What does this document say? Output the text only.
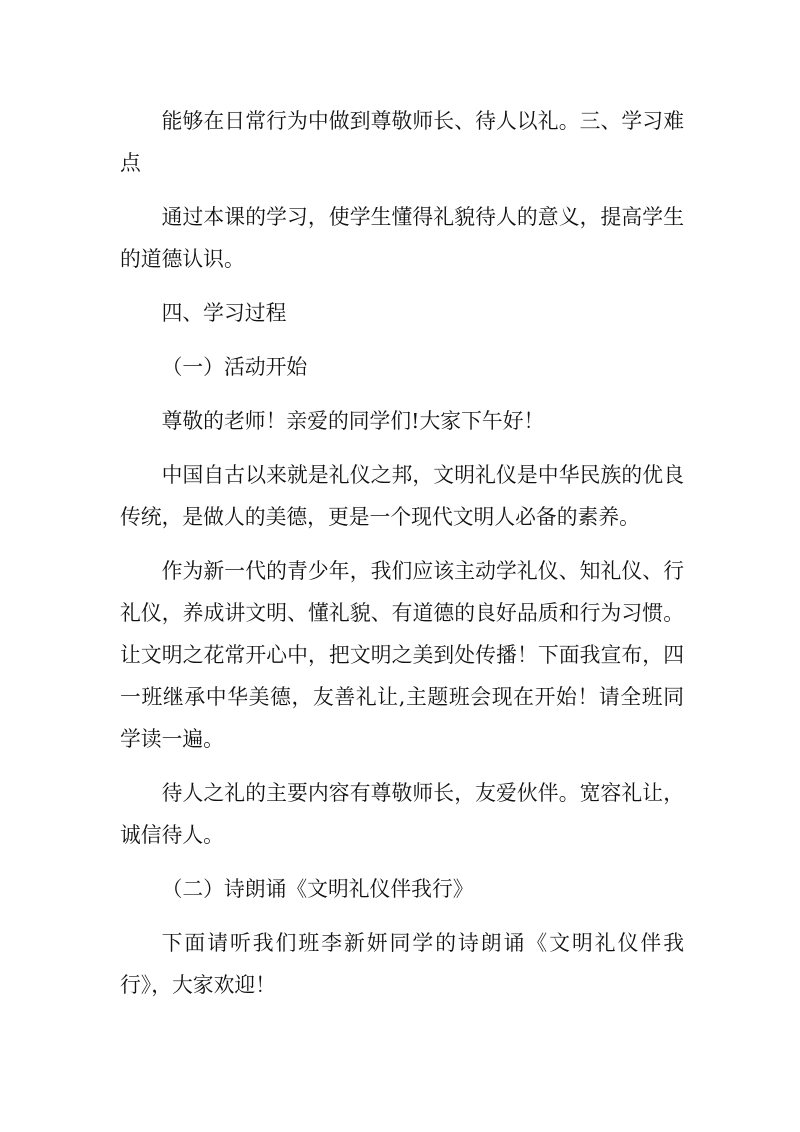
能够在日常行为中做到尊敬师长、待人以礼。三、学习难点

通过本课的学习，使学生懂得礼貌待人的意义，提高学生的道德认识。

四、学习过程

（一）活动开始

尊敬的老师！亲爱的同学们!大家下午好！

中国自古以来就是礼仪之邦，文明礼仪是中华民族的优良传统，是做人的美德，更是一个现代文明人必备的素养。

作为新一代的青少年，我们应该主动学礼仪、知礼仪、行礼仪，养成讲文明、懂礼貌、有道德的良好品质和行为习惯。让文明之花常开心中，把文明之美到处传播！下面我宣布，四一班继承中华美德，友善礼让,主题班会现在开始！请全班同学读一遍。

待人之礼的主要内容有尊敬师长，友爱伙伴。宽容礼让，诚信待人。

（二）诗朗诵《文明礼仪伴我行》

下面请听我们班李新妍同学的诗朗诵《文明礼仪伴我行》，大家欢迎！
